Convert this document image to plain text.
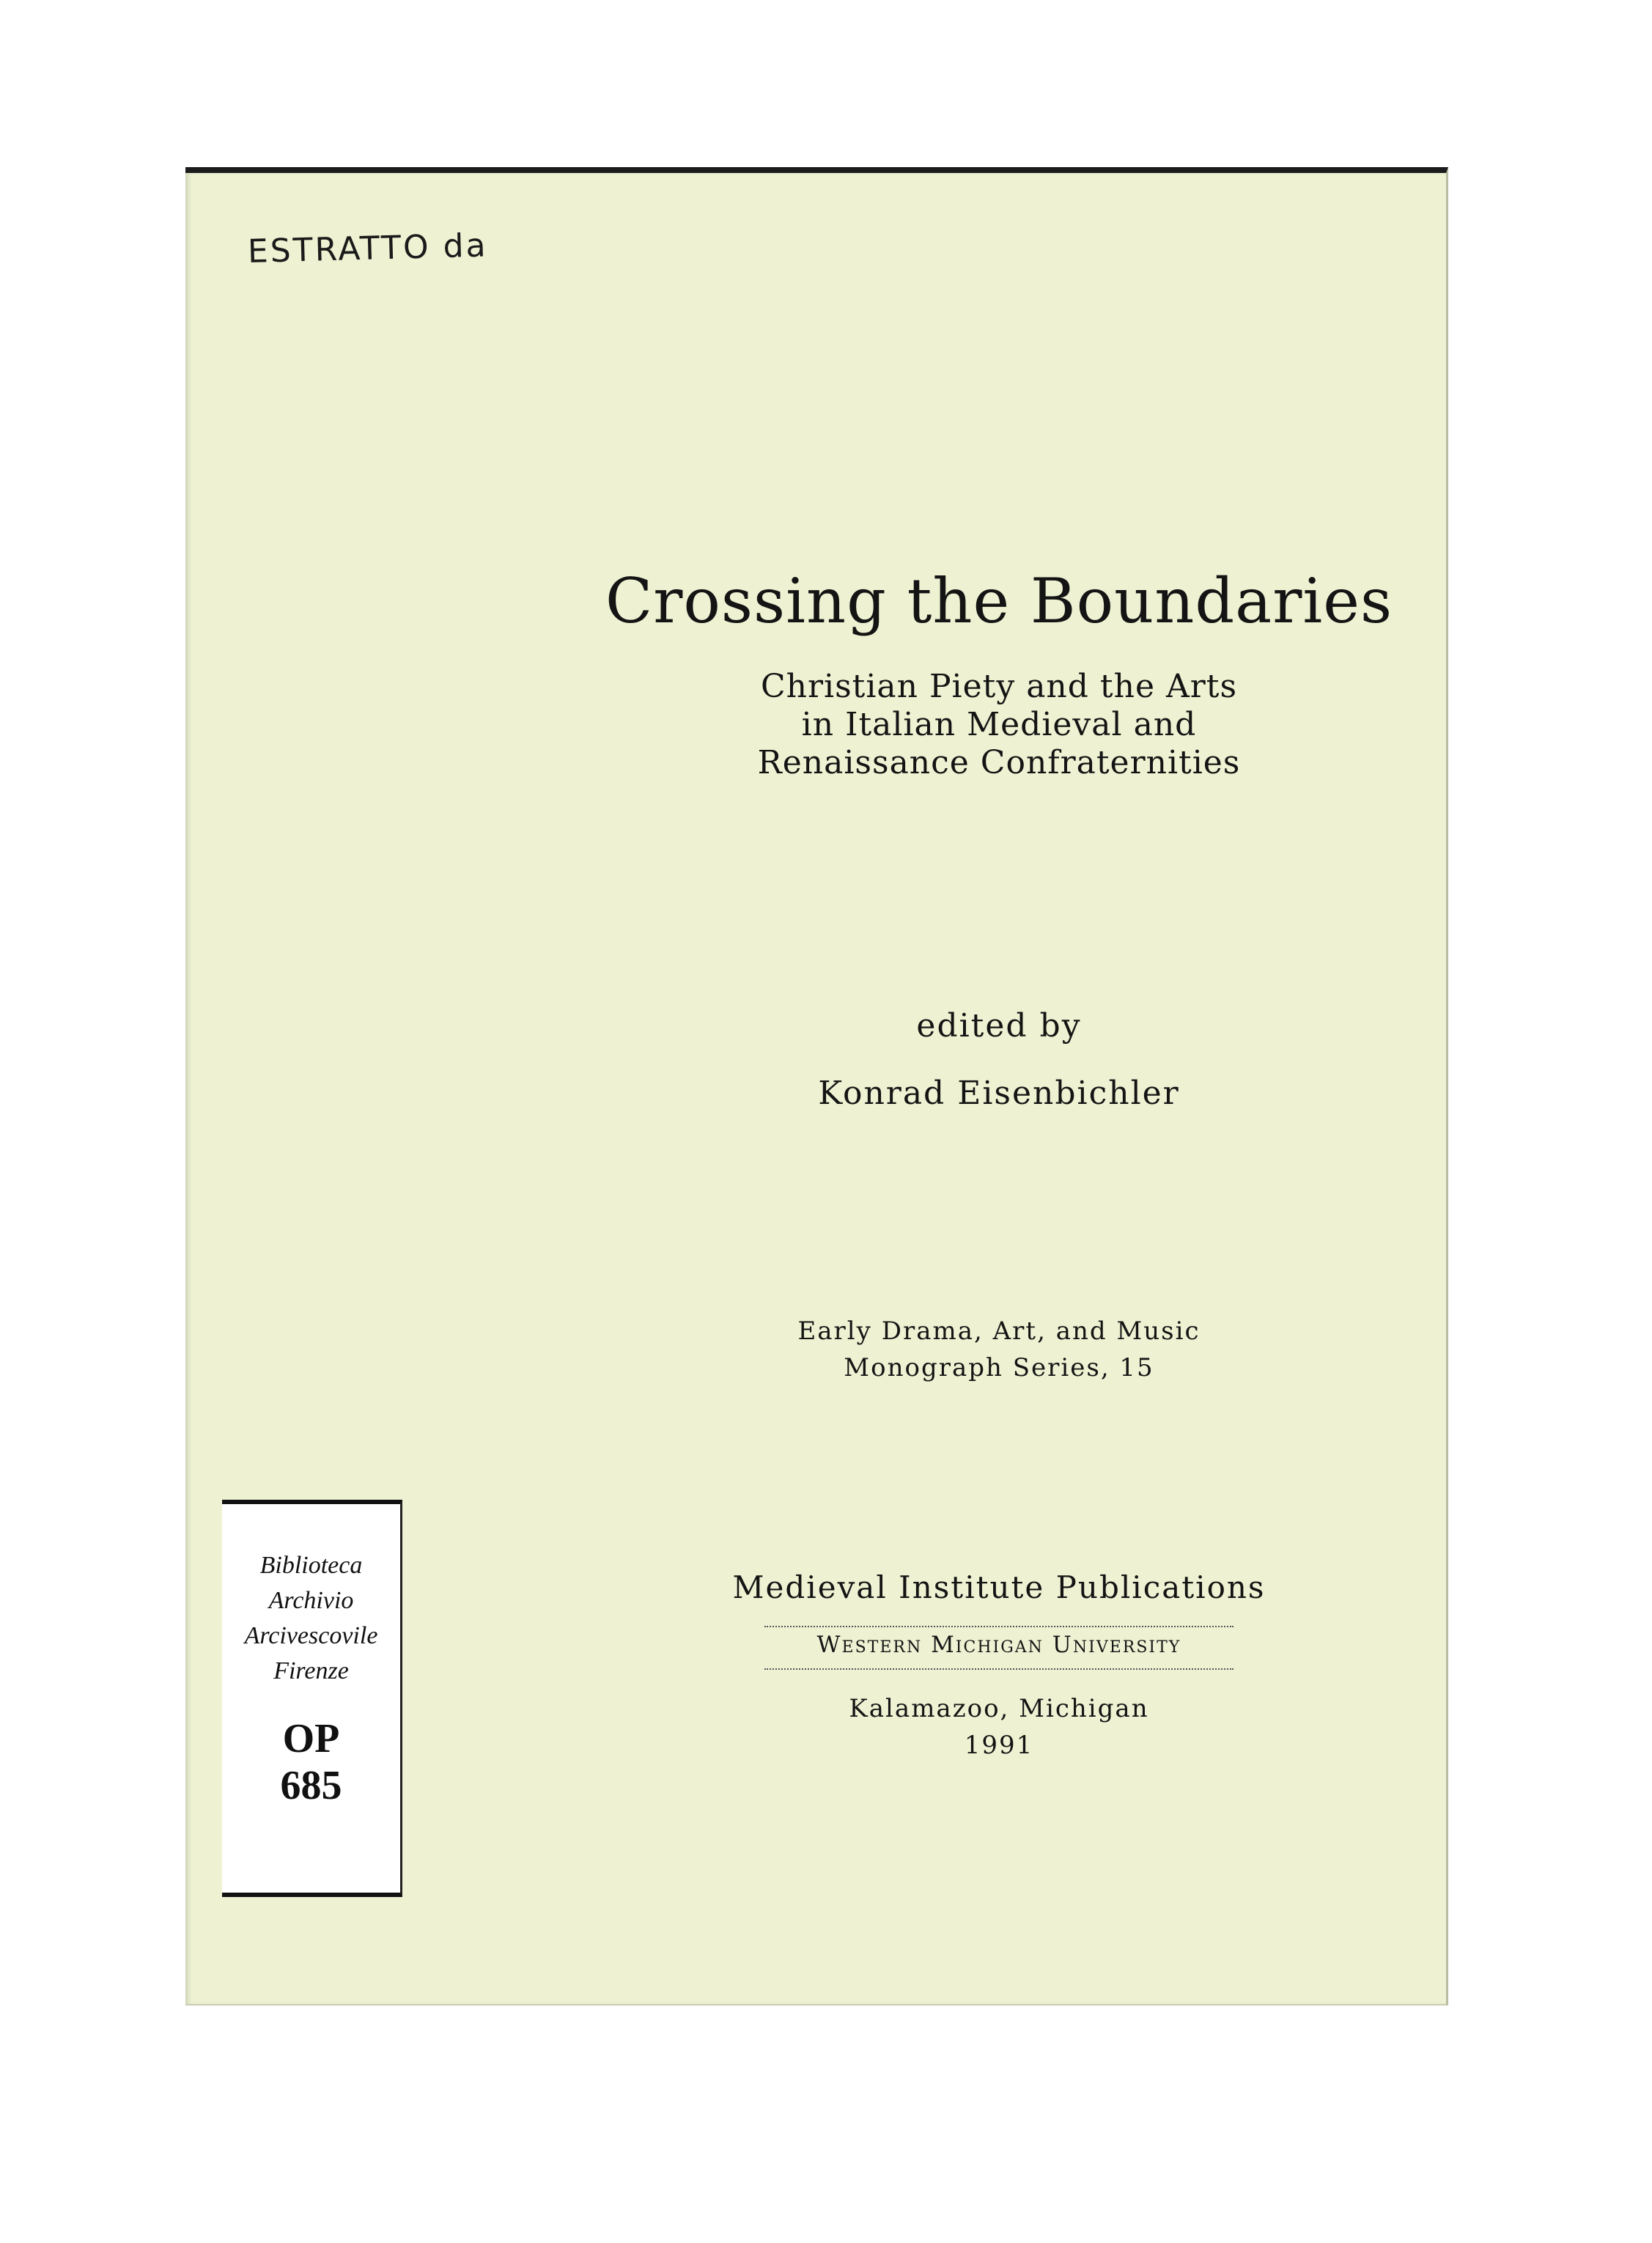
ESTRATTO da
Crossing the Boundaries
Christian Piety and the Arts
in Italian Medieval and
Renaissance Confraternities
edited by
Konrad Eisenbichler
Early Drama, Art, and Music
Monograph Series, 15
Medieval Institute Publications
Western Michigan University
Kalamazoo, Michigan
1991
Biblioteca
Archivio
Arcivescovile
Firenze
OP
685
